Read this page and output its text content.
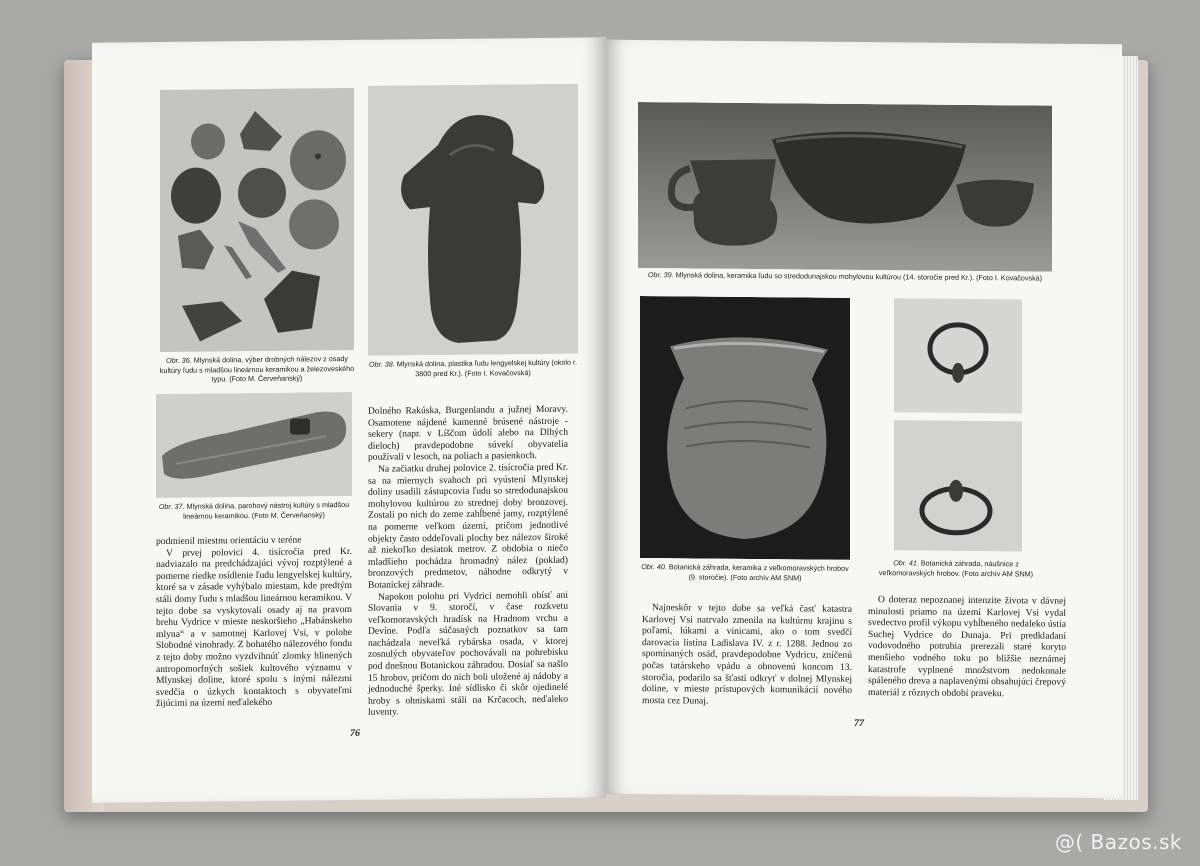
Obr. 36. Mlynská dolina, výber drobných nálezov z osady kultúry ľudu s mladšou lineárnou keramikou a železoveského typu. (Foto M. Červeňanský)
Obr. 38. Mlynská dolina, plastika ľudu lengyelskej kultúry (okolo r. 3800 pred Kr.). (Foto I. Kovačovská)
Obr. 37. Mlynská dolina, parohový nástroj kultúry s mladšou lineárnou keramikou. (Foto M. Červeňanský)

podmienil miestnu orientáciu v teréne

V prvej polovici 4. tisícročia pred Kr. nadviazalo na predchádzajúci vývoj rozptýlené a pomerne riedke osídlenie ľudu lengyelskej kultúry, ktoré sa v zásade vyhýbalo miestam, kde predtým stáli domy ľudu s mladšou lineárnou keramikou. V tejto dobe sa vyskytovali osady aj na pravom brehu Vydrice v mieste neskoršieho „Habánskeho mlyna“ a v samotnej Karlovej Vsi, v polohe Slobodné vinohrady. Z bohatého nálezového fondu z tejto doby možno vyzdvihnúť zlomky hlinených antropomorfných sošiek kultového významu v Mlynskej doline, ktoré spolu s inými nálezmi svedčia o úzkych kontaktoch s obyvateľmi žijúcimi na území neďalekého

Dolného Rakúska, Burgenlandu a južnej Moravy. Osamotene nájdené kamenné brúsené nástroje - sekery (napr. v Líščom údolí alebo na Dlhých dieloch) pravdepodobne súvekí obyvatelia používali v lesoch, na poliach a pasienkoch.

Na začiatku druhej polovice 2. tisícročia pred Kr. sa na miernych svahoch pri vyústení Mlynskej doliny usadili zástupcovia ľudu so stredodunajskou mohylovou kultúrou zo strednej doby bronzovej. Zostali po nich do zeme zahĺbené jamy, rozptýlené na pomerne veľkom území, pričom jednotlivé objekty často oddeľovali plochy bez nálezov široké až niekoľko desiatok metrov. Z obdobia o niečo mladšieho pochádza hromadný nález (poklad) bronzových predmetov, náhodne odkrytý v Botanickej záhrade.

Napokon polohu pri Vydrici nemohli obísť ani Slovania v 9. storočí, v čase rozkvetu veľkomoravských hradísk na Hradnom vrchu a Devíne. Podľa súčasných poznatkov sa tam nachádzala neveľká rybárska osada, v ktorej zosnulých obyvateľov pochovávali na pohrebisku pod dnešnou Botanickou záhradou. Dosiaľ sa našlo 15 hrobov, pričom do nich boli uložené aj nádoby a jednoduché šperky. Iné sídlisko či skôr ojedinelé hroby s ohniskami stáli na Krčacoch, neďaleko luventy.

76
Obr. 39. Mlynská dolina, keramika ľudu so stredodunajskou mohylovou kultúrou (14. storočie pred Kr.). (Foto I. Kovačovská)
Obr. 40. Botanická záhrada, keramika z veľkomoravských hrobov (9. storočie). (Foto archív AM SNM)
Obr. 41. Botanická záhrada, náušnice z veľkomoravských hrobov. (Foto archív AM SNM)

Najneskôr v tejto dobe sa veľká časť katastra Karlovej Vsi natrvalo zmenila na kultúrnu krajinu s poľami, lúkami a vinicami, ako o tom svedčí darovacia listina Ladislava IV. z r. 1288. Jednou zo spomínaných osád, pravdepodobne Vydricu, zničenú počas tatárskeho vpádu a obnovenú koncom 13. storočia, podarilo sa šťastí odkryť v dolnej Mlynskej doline, v mieste prístupových komunikácií nového mosta cez Dunaj.

O doteraz nepoznanej intenzite života v dávnej minulosti priamo na území Karlovej Vsi vydal svedectvo profil výkopu vyhĺbeného nedaleko ústia Suchej Vydrice do Dunaja. Pri predkladaní vodovodného potrubia prerezali staré koryto menšieho vodného toku po bližšie neznámej katastrofe vyplnené množstvom nedokonale spáleného dreva a naplavenými obsahujúci črepový materiál z rôznych období praveku.

77
@( Bazos.sk
